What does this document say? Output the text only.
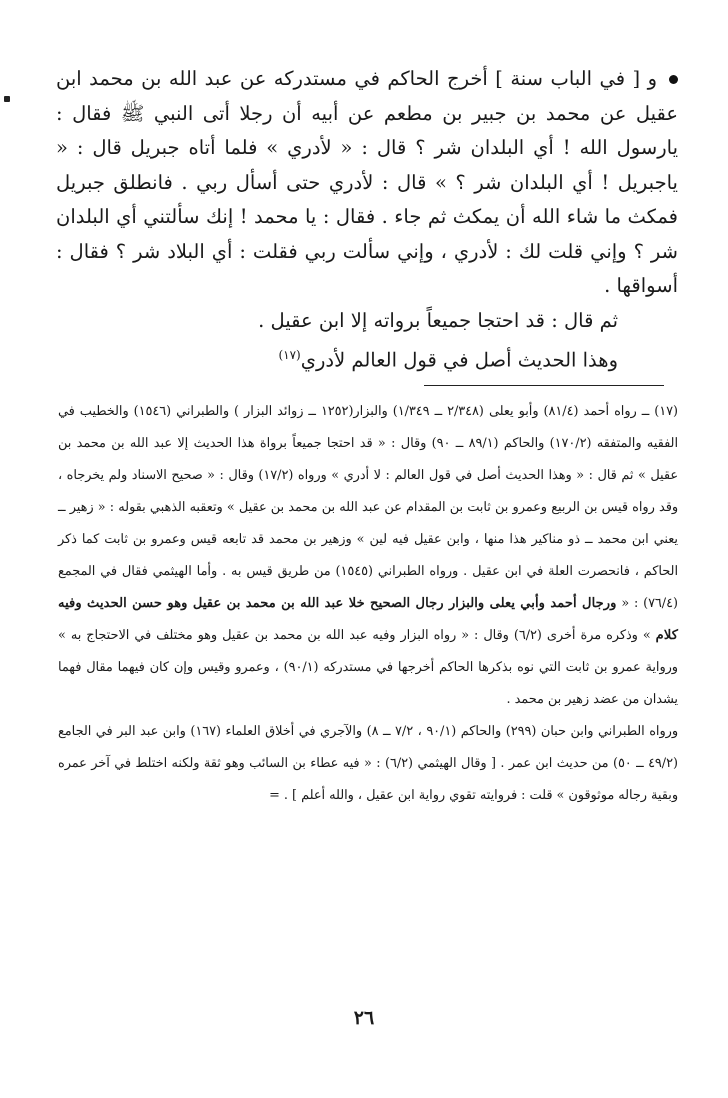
و [ في الباب سنة ] أخرج الحاكم في مستدركه عن عبد الله بن محمد ابن عقيل عن محمد بن جبير بن مطعم عن أبيه أن رجلا أتى النبي ﷺ فقال : يارسول الله ! أي البلدان شر ؟ قال : « لأدري » فلما أتاه جبريل قال : « ياجبريل ! أي البلدان شر ؟ » قال : لأدري حتى أسأل ربي . فانطلق جبريل فمكث ما شاء الله أن يمكث ثم جاء . فقال : يا محمد ! إنك سألتني أي البلدان شر ؟ وإني قلت لك : لأدري ، وإني سألت ربي فقلت : أي البلاد شر ؟ فقال : أسواقها .

ثم قال : قد احتجا جميعاً برواته إلا ابن عقيل .

وهذا الحديث أصل في قول العالم لأدري$^{(١٧)}$

(١٧) ــ رواه أحمد (٨١/٤) وأبو يعلى (٢/٣٤٨ ــ ١/٣٤٩) والبزار(١٢٥٢ ــ زوائد البزار ) والطبراني (١٥٤٦) والخطيب في الفقيه والمتفقه (١٧٠/٢) والحاكم (٨٩/١ ــ ٩٠) وقال : « قد احتجا جميعاً برواة هذا الحديث إلا عبد الله بن محمد بن عقيل » ثم قال : « وهذا الحديث أصل في قول العالم : لا أدري » ورواه (١٧/٢) وقال : « صحيح الاسناد ولم يخرجاه ، وقد رواه قيس بن الربيع وعمرو بن ثابت بن المقدام عن عبد الله بن محمد بن عقيل » وتعقبه الذهبي بقوله : « زهير ــ يعني ابن محمد ــ ذو مناكير هذا منها ، وابن عقيل فيه لين » وزهير بن محمد قد تابعه قيس وعمرو بن ثابت كما ذكر الحاكم ، فانحصرت العلة في ابن عقيل . ورواه الطبراني (١٥٤٥) من طريق قيس به . وأما الهيثمي فقال في المجمع (٧٦/٤) : « ورجال أحمد وأبي يعلى والبزار رجال الصحيح خلا عبد الله بن محمد بن عقيل وهو حسن الحديث وفيه كلام » وذكره مرة أخرى (٦/٢) وقال : « رواه البزار وفيه عبد الله بن محمد بن عقيل وهو مختلف في الاحتجاج به » ورواية عمرو بن ثابت التي نوه بذكرها الحاكم أخرجها في مستدركه (٩٠/١) ، وعمرو وقيس وإن كان فيهما مقال فهما يشدان من عضد زهير بن محمد .

ورواه الطبراني وابن حبان (٢٩٩) والحاكم (٩٠/١ ، ٧/٢ ــ ٨) والآجري في أخلاق العلماء (١٦٧) وابن عبد البر في الجامع (٤٩/٢ ــ ٥٠) من حديث ابن عمر . [ وقال الهيثمي (٦/٢) : « فيه عطاء بن السائب وهو ثقة ولكنه اختلط في آخر عمره وبقية رجاله موثوقون » قلت : فروايته تقوي رواية ابن عقيل ، والله أعلم ] . =

٢٦
